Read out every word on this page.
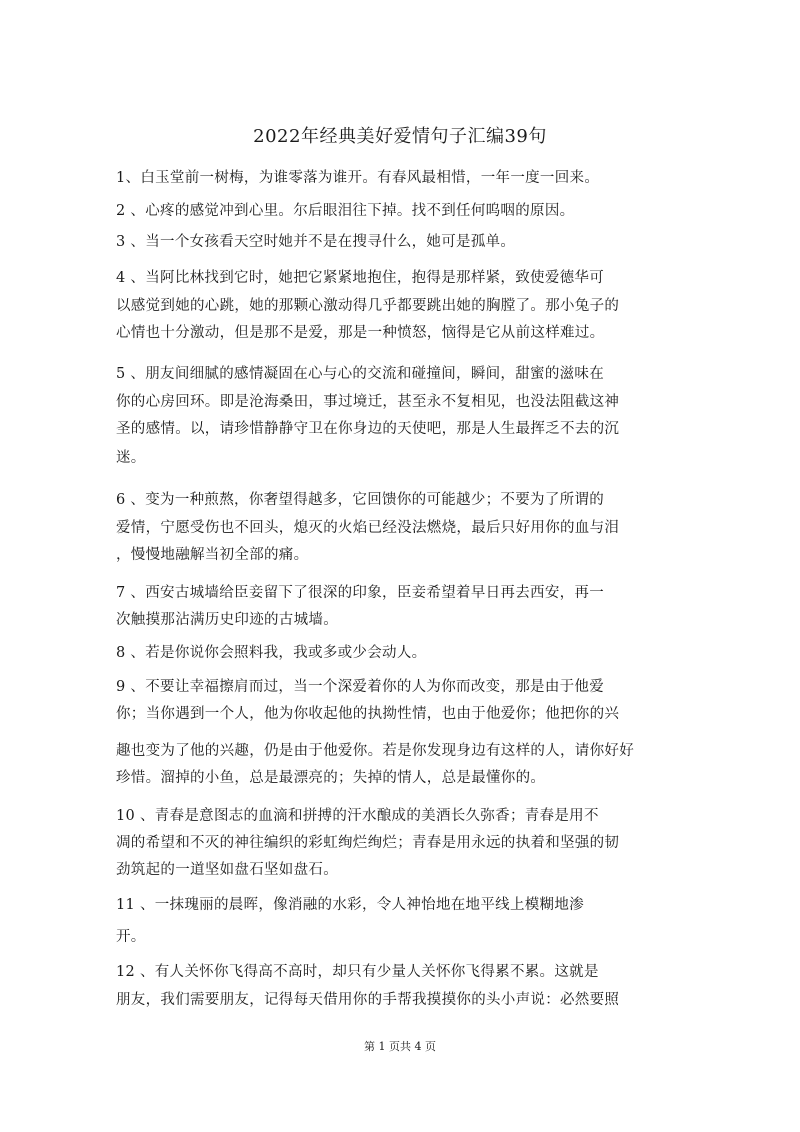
2022年经典美好爱情句子汇编39句
1、白玉堂前一树梅，为谁零落为谁开。有春风最相惜，一年一度一回来。
2 、心疼的感觉冲到心里。尔后眼泪往下掉。找不到任何呜咽的原因。
3 、当一个女孩看天空时她并不是在搜寻什么，她可是孤单。
4 、当阿比林找到它时，她把它紧紧地抱住，抱得是那样紧，致使爱德华可
以感觉到她的心跳，她的那颗心激动得几乎都要跳出她的胸膛了。那小兔子的
心情也十分激动，但是那不是爱，那是一种愤怒，恼得是它从前这样难过。
5 、朋友间细腻的感情凝固在心与心的交流和碰撞间，瞬间，甜蜜的滋味在
你的心房回环。即是沧海桑田，事过境迁，甚至永不复相见，也没法阻截这神
圣的感情。以，请珍惜静静守卫在你身边的天使吧，那是人生最挥乏不去的沉
迷。
6 、变为一种煎熬，你奢望得越多，它回馈你的可能越少；不要为了所谓的
爱情，宁愿受伤也不回头，熄灭的火焰已经没法燃烧，最后只好用你的血与泪
，慢慢地融解当初全部的痛。
7 、西安古城墙给臣妾留下了很深的印象，臣妾希望着早日再去西安，再一
次触摸那沾满历史印迹的古城墙。
8 、若是你说你会照料我，我或多或少会动人。
9 、不要让幸福擦肩而过，当一个深爱着你的人为你而改变，那是由于他爱
你；当你遇到一个人，他为你收起他的执拗性情，也由于他爱你；他把你的兴
趣也变为了他的兴趣，仍是由于他爱你。若是你发现身边有这样的人，请你好好
珍惜。溜掉的小鱼，总是最漂亮的；失掉的情人，总是最懂你的。
10 、青春是意图志的血滴和拼搏的汗水酿成的美酒长久弥香；青春是用不
凋的希望和不灭的神往编织的彩虹绚烂绚烂；青春是用永远的执着和坚强的韧
劲筑起的一道坚如盘石坚如盘石。
11 、一抹瑰丽的晨晖，像消融的水彩，令人神怡地在地平线上模糊地渗
开。
12 、有人关怀你飞得高不高时，却只有少量人关怀你飞得累不累。这就是
朋友，我们需要朋友，记得每天借用你的手帮我摸摸你的头小声说：必然要照
第 1 页共 4 页
